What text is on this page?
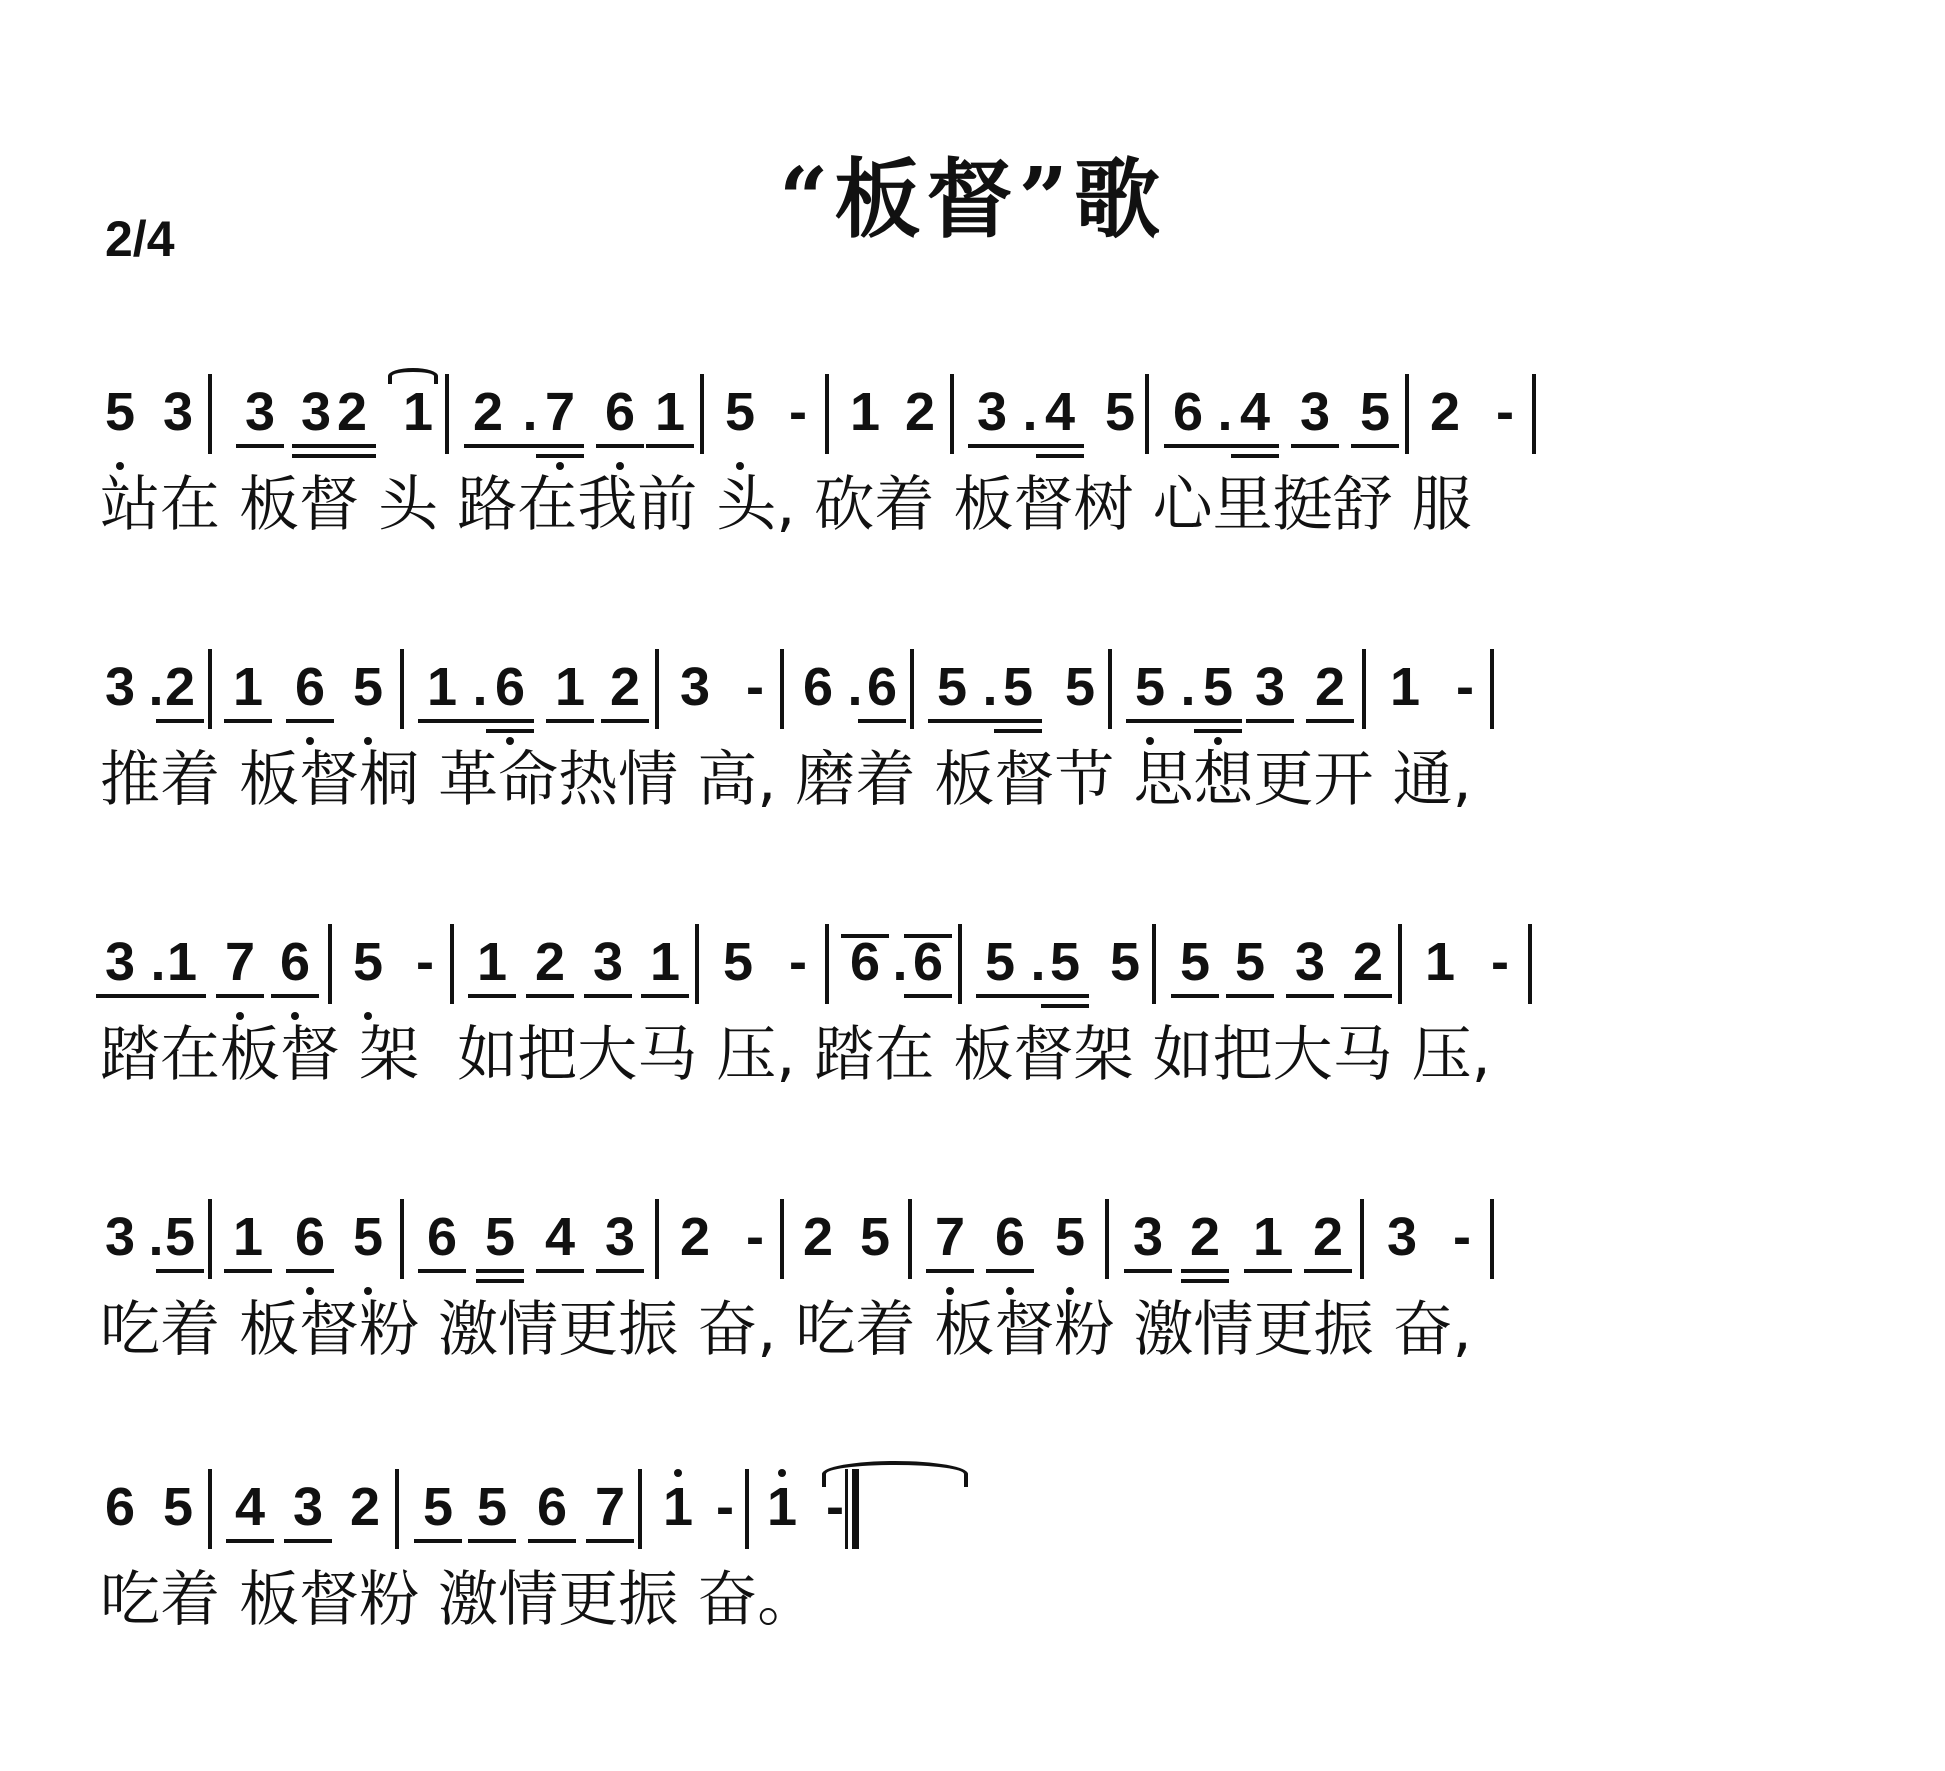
“板督”歌
2/4
5 3 3 3 2 1 2 . 7 6 1 5 - 1 2 3 . 4 5 6 . 4 3 5 2 -
站在 板督 头 路在我前 头, 砍着 板督树 心里挺舒 服
3 . 2 1 6 5 1 . 6 1 2 3 - 6 . 6 5 . 5 5 5 . 5 3 2 1 -
推着 板督桐 革命热情 高, 磨着 板督节 思想更开 通,
3 . 1 7 6 5 - 1 2 3 1 5 - 6 . 6 5 . 5 5 5 5 3 2 1 -
踏在板督 架  如把大马 压, 踏在 板督架 如把大马 压,
3 . 5 1 6 5 6 5 4 3 2 - 2 5 7 6 5 3 2 1 2 3 -
吃着 板督粉 激情更振 奋, 吃着 板督粉 激情更振 奋,
6 5 4 3 2 5 5 6 7 1 - 1 -
吃着 板督粉 激情更振 奋。
